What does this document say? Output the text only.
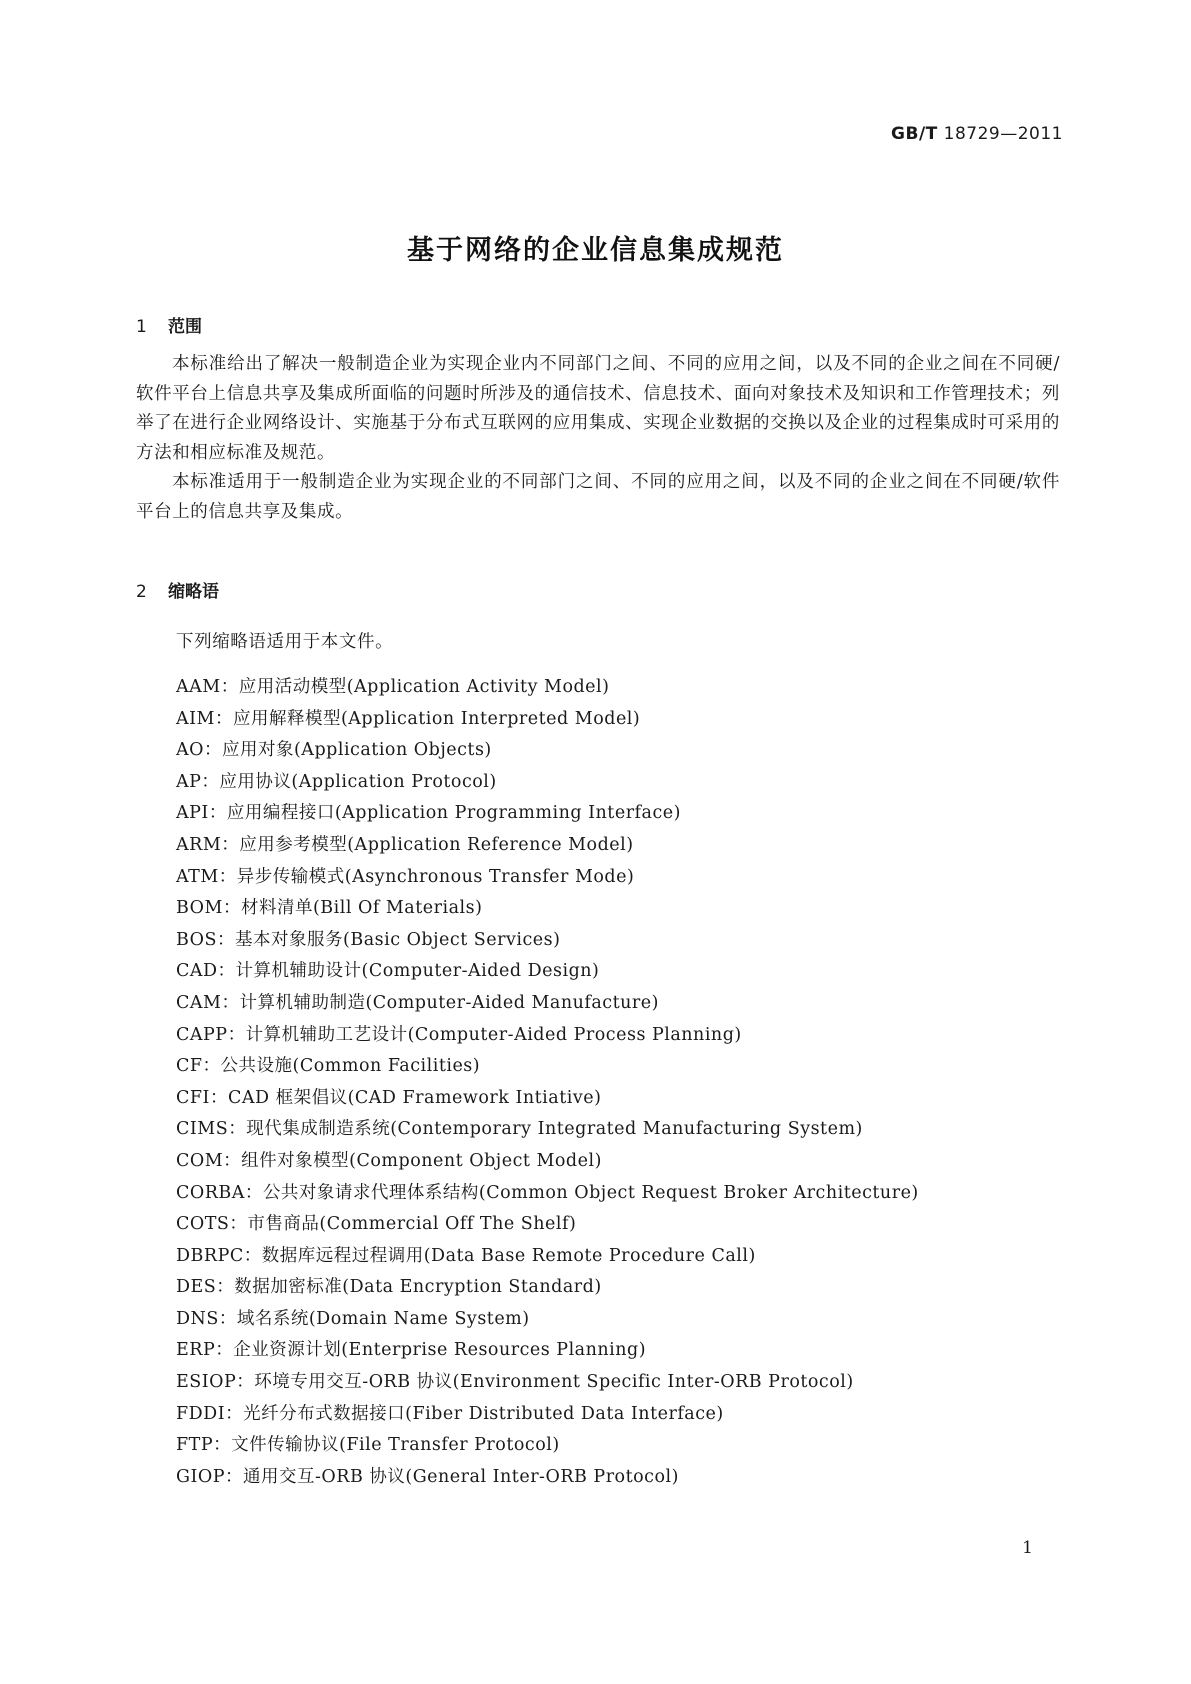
GB/T 18729—2011
基于网络的企业信息集成规范
1 范围

本标准给出了解决一般制造企业为实现企业内不同部门之间、不同的应用之间，以及不同的企业之间在不同硬/软件平台上信息共享及集成所面临的问题时所涉及的通信技术、信息技术、面向对象技术及知识和工作管理技术；列举了在进行企业网络设计、实施基于分布式互联网的应用集成、实现企业数据的交换以及企业的过程集成时可采用的方法和相应标准及规范。

本标准适用于一般制造企业为实现企业的不同部门之间、不同的应用之间，以及不同的企业之间在不同硬/软件平台上的信息共享及集成。

2 缩略语
下列缩略语适用于本文件。
AAM：应用活动模型(Application Activity Model)
AIM：应用解释模型(Application Interpreted Model)
AO：应用对象(Application Objects)
AP：应用协议(Application Protocol)
API：应用编程接口(Application Programming Interface)
ARM：应用参考模型(Application Reference Model)
ATM：异步传输模式(Asynchronous Transfer Mode)
BOM：材料清单(Bill Of Materials)
BOS：基本对象服务(Basic Object Services)
CAD：计算机辅助设计(Computer-Aided Design)
CAM：计算机辅助制造(Computer-Aided Manufacture)
CAPP：计算机辅助工艺设计(Computer-Aided Process Planning)
CF：公共设施(Common Facilities)
CFI：CAD 框架倡议(CAD Framework Intiative)
CIMS：现代集成制造系统(Contemporary Integrated Manufacturing System)
COM：组件对象模型(Component Object Model)
CORBA：公共对象请求代理体系结构(Common Object Request Broker Architecture)
COTS：市售商品(Commercial Off The Shelf)
DBRPC：数据库远程过程调用(Data Base Remote Procedure Call)
DES：数据加密标准(Data Encryption Standard)
DNS：域名系统(Domain Name System)
ERP：企业资源计划(Enterprise Resources Planning)
ESIOP：环境专用交互-ORB 协议(Environment Specific Inter-ORB Protocol)
FDDI：光纤分布式数据接口(Fiber Distributed Data Interface)
FTP：文件传输协议(File Transfer Protocol)
GIOP：通用交互-ORB 协议(General Inter-ORB Protocol)
1
